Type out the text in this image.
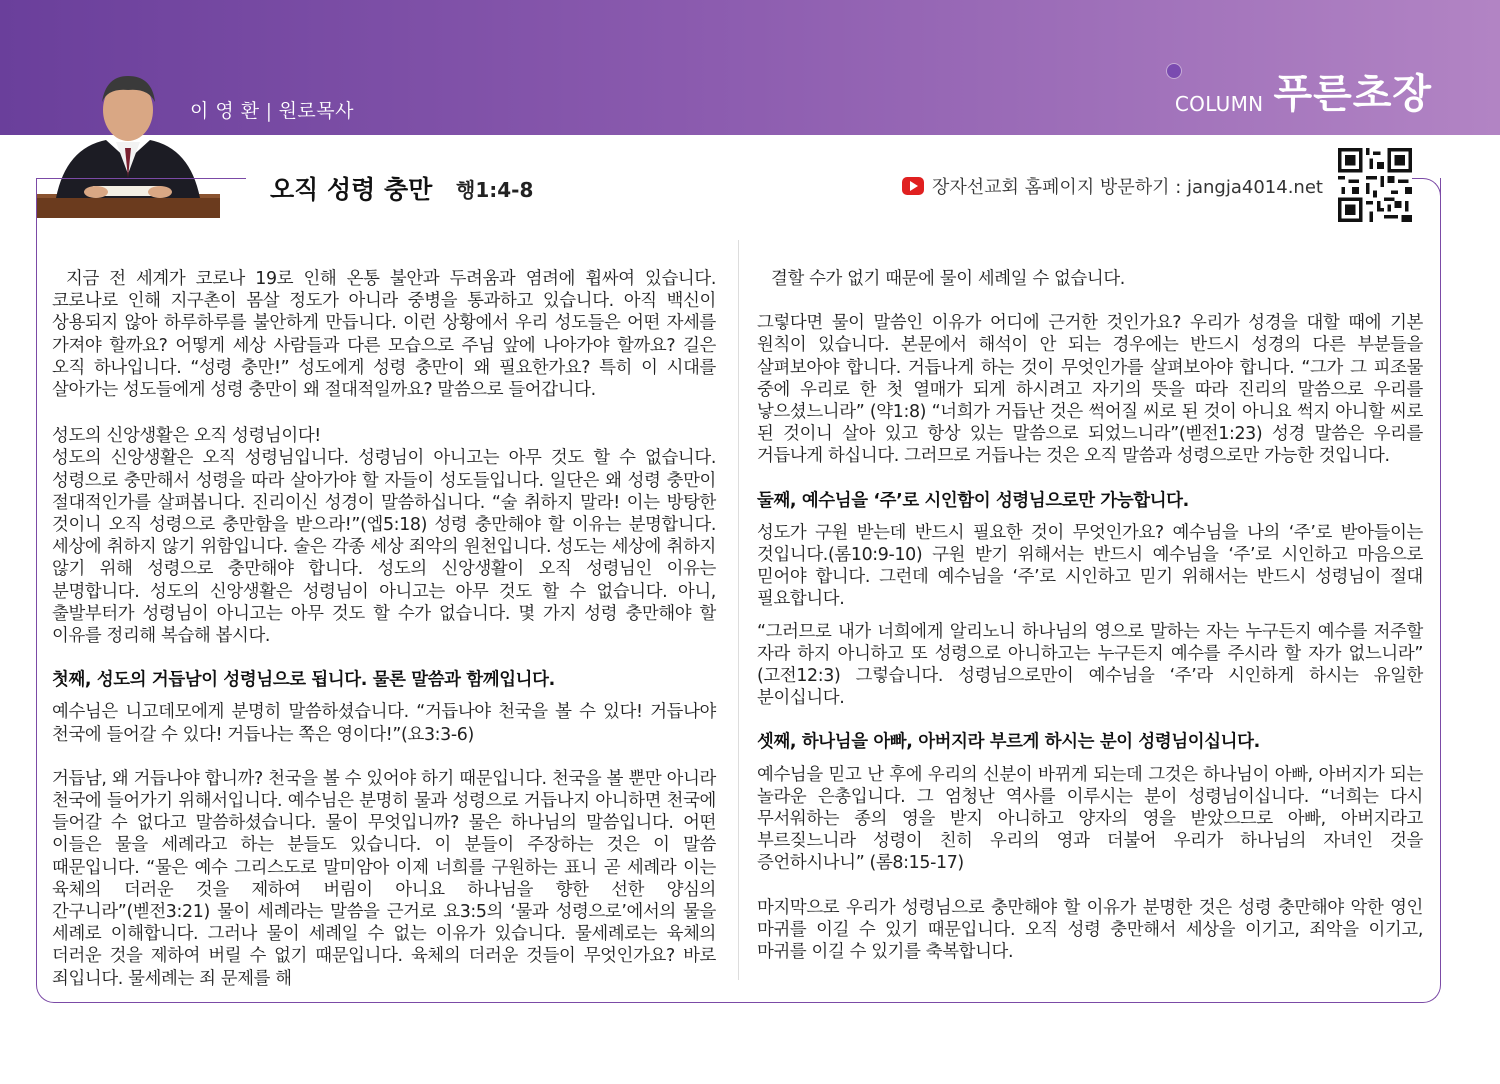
이 영 환 | 원로목사	COLUMN 푸른초장
오직 성령 충만 행1:4-8	장자선교회 홈페이지 방문하기 : jangja4014.net

지금 전 세계가 코로나 19로 인해 온통 불안과 두려움과 염려에 휩싸여 있습니다. 코로나로 인해 지구촌이 몸살 정도가 아니라 중병을 통과하고 있습니다. 아직 백신이 상용되지 않아 하루하루를 불안하게 만듭니다. 이런 상황에서 우리 성도들은 어떤 자세를 가져야 할까요? 어떻게 세상 사람들과 다른 모습으로 주님 앞에 나아가야 할까요? 길은 오직 하나입니다. “성령 충만!” 성도에게 성령 충만이 왜 필요한가요? 특히 이 시대를 살아가는 성도들에게 성령 충만이 왜 절대적일까요? 말씀으로 들어갑니다.

성도의 신앙생활은 오직 성령님이다!

성도의 신앙생활은 오직 성령님입니다. 성령님이 아니고는 아무 것도 할 수 없습니다. 성령으로 충만해서 성령을 따라 살아가야 할 자들이 성도들입니다. 일단은 왜 성령 충만이 절대적인가를 살펴봅니다. 진리이신 성경이 말씀하십니다. “술 취하지 말라! 이는 방탕한 것이니 오직 성령으로 충만함을 받으라!”(엡5:18) 성령 충만해야 할 이유는 분명합니다. 세상에 취하지 않기 위함입니다. 술은 각종 세상 죄악의 원천입니다. 성도는 세상에 취하지 않기 위해 성령으로 충만해야 합니다. 성도의 신앙생활이 오직 성령님인 이유는 분명합니다. 성도의 신앙생활은 성령님이 아니고는 아무 것도 할 수 없습니다. 아니, 출발부터가 성령님이 아니고는 아무 것도 할 수가 없습니다. 몇 가지 성령 충만해야 할 이유를 정리해 복습해 봅시다.

첫째, 성도의 거듭남이 성령님으로 됩니다. 물론 말씀과 함께입니다.

예수님은 니고데모에게 분명히 말씀하셨습니다. “거듭나야 천국을 볼 수 있다! 거듭나야 천국에 들어갈 수 있다! 거듭나는 쪽은 영이다!”(요3:3-6)

거듭남, 왜 거듭나야 합니까? 천국을 볼 수 있어야 하기 때문입니다. 천국을 볼 뿐만 아니라 천국에 들어가기 위해서입니다. 예수님은 분명히 물과 성령으로 거듭나지 아니하면 천국에 들어갈 수 없다고 말씀하셨습니다. 물이 무엇입니까? 물은 하나님의 말씀입니다. 어떤 이들은 물을 세례라고 하는 분들도 있습니다. 이 분들이 주장하는 것은 이 말씀 때문입니다. “물은 예수 그리스도로 말미암아 이제 너희를 구원하는 표니 곧 세례라 이는 육체의 더러운 것을 제하여 버림이 아니요 하나님을 향한 선한 양심의 간구니라”(벧전3:21) 물이 세례라는 말씀을 근거로 요3:5의 ‘물과 성령으로’에서의 물을 세례로 이해합니다. 그러나 물이 세례일 수 없는 이유가 있습니다. 물세례로는 육체의 더러운 것을 제하여 버릴 수 없기 때문입니다. 육체의 더러운 것들이 무엇인가요? 바로 죄입니다. 물세례는 죄 문제를 해

결할 수가 없기 때문에 물이 세례일 수 없습니다.

그렇다면 물이 말씀인 이유가 어디에 근거한 것인가요? 우리가 성경을 대할 때에 기본 원칙이 있습니다. 본문에서 해석이 안 되는 경우에는 반드시 성경의 다른 부분들을 살펴보아야 합니다. 거듭나게 하는 것이 무엇인가를 살펴보아야 합니다. “그가 그 피조물 중에 우리로 한 첫 열매가 되게 하시려고 자기의 뜻을 따라 진리의 말씀으로 우리를 낳으셨느니라” (약1:8) “너희가 거듭난 것은 썩어질 씨로 된 것이 아니요 썩지 아니할 씨로 된 것이니 살아 있고 항상 있는 말씀으로 되었느니라”(벧전1:23) 성경 말씀은 우리를 거듭나게 하십니다. 그러므로 거듭나는 것은 오직 말씀과 성령으로만 가능한 것입니다.

둘째, 예수님을 ‘주’로 시인함이 성령님으로만 가능합니다.

성도가 구원 받는데 반드시 필요한 것이 무엇인가요? 예수님을 나의 ‘주’로 받아들이는 것입니다.(롬10:9-10) 구원 받기 위해서는 반드시 예수님을 ‘주’로 시인하고 마음으로 믿어야 합니다. 그런데 예수님을 ‘주’로 시인하고 믿기 위해서는 반드시 성령님이 절대 필요합니다.

“그러므로 내가 너희에게 알리노니 하나님의 영으로 말하는 자는 누구든지 예수를 저주할 자라 하지 아니하고 또 성령으로 아니하고는 누구든지 예수를 주시라 할 자가 없느니라” (고전12:3) 그렇습니다. 성령님으로만이 예수님을 ‘주’라 시인하게 하시는 유일한 분이십니다.

셋째, 하나님을 아빠, 아버지라 부르게 하시는 분이 성령님이십니다.

예수님을 믿고 난 후에 우리의 신분이 바뀌게 되는데 그것은 하나님이 아빠, 아버지가 되는 놀라운 은총입니다. 그 엄청난 역사를 이루시는 분이 성령님이십니다. “너희는 다시 무서워하는 종의 영을 받지 아니하고 양자의 영을 받았으므로 아빠, 아버지라고 부르짖느니라 성령이 친히 우리의 영과 더불어 우리가 하나님의 자녀인 것을 증언하시나니” (롬8:15-17)

마지막으로 우리가 성령님으로 충만해야 할 이유가 분명한 것은 성령 충만해야 악한 영인 마귀를 이길 수 있기 때문입니다. 오직 성령 충만해서 세상을 이기고, 죄악을 이기고, 마귀를 이길 수 있기를 축복합니다.
